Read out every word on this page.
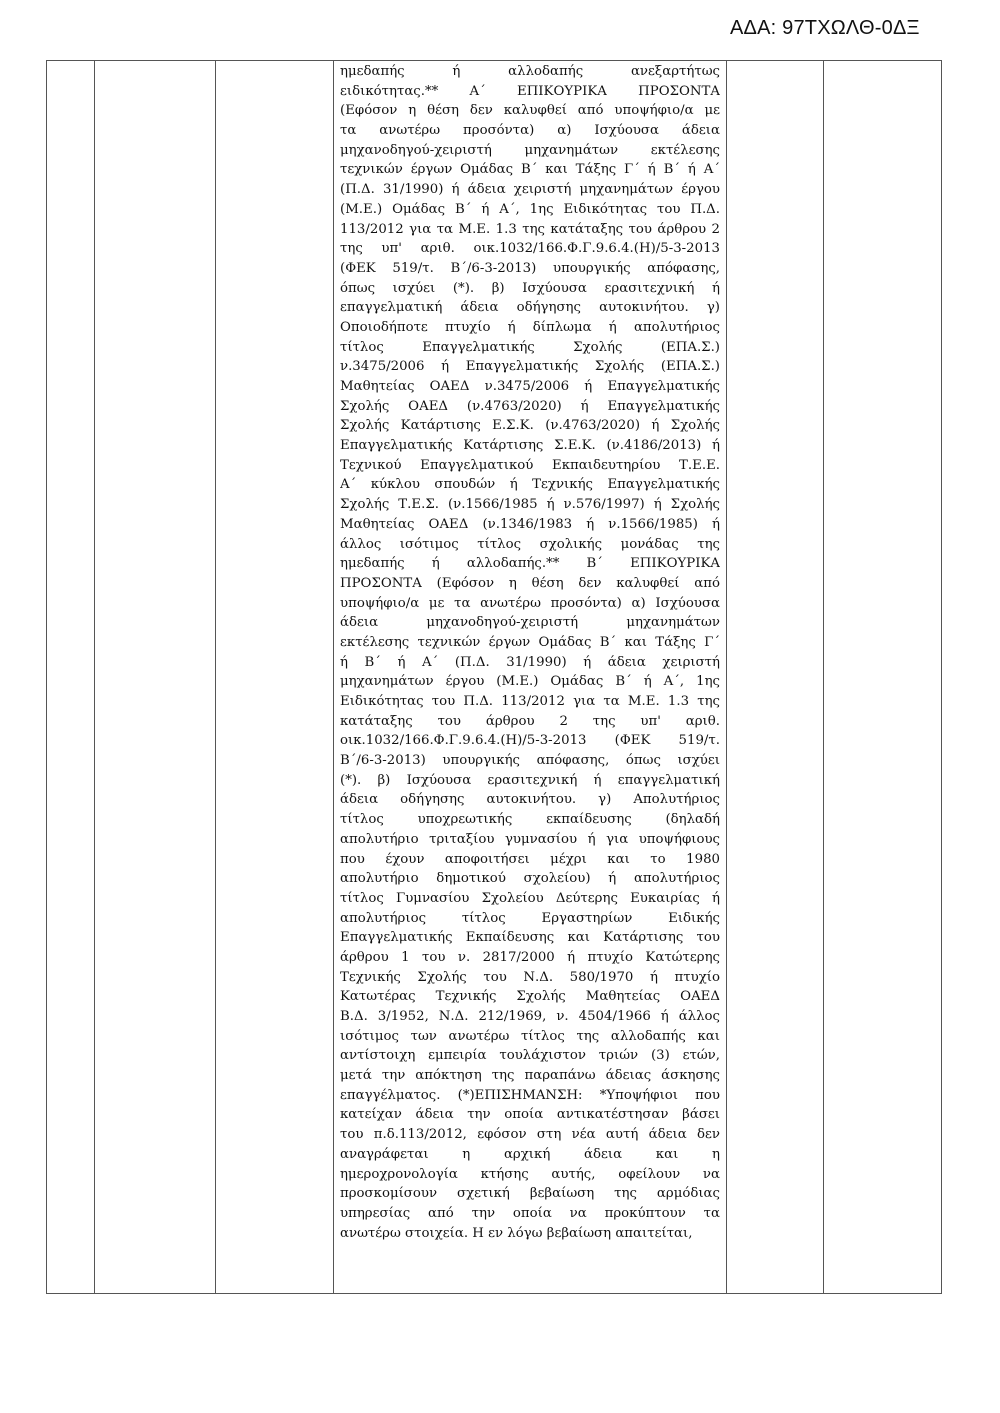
ΑΔΑ: 97ΤΧΩΛΘ-0ΔΞ

ημεδαπής ή αλλοδαπής ανεξαρτήτως
ειδικότητας.** Α΄ ΕΠΙΚΟΥΡΙΚΑ ΠΡΟΣΟΝΤΑ
(Εφόσον η θέση δεν καλυφθεί από υποψήφιο/α με
τα ανωτέρω προσόντα) α) Ισχύουσα άδεια
μηχανοδηγού-χειριστή μηχανημάτων εκτέλεσης
τεχνικών έργων Ομάδας Β΄ και Τάξης Γ΄ ή Β΄ ή Α΄
(Π.Δ. 31/1990) ή άδεια χειριστή μηχανημάτων έργου
(Μ.Ε.) Ομάδας Β΄ ή Α΄, 1ης Ειδικότητας του Π.Δ.
113/2012 για τα Μ.Ε. 1.3 της κατάταξης του άρθρου 2
της υπ' αριθ. οικ.1032/166.Φ.Γ.9.6.4.(Η)/5-3-2013
(ΦΕΚ 519/τ. Β΄/6-3-2013) υπουργικής απόφασης,
όπως ισχύει (*). β) Ισχύουσα ερασιτεχνική ή
επαγγελματική άδεια οδήγησης αυτοκινήτου. γ)
Οποιοδήποτε πτυχίο ή δίπλωμα ή απολυτήριος
τίτλος Επαγγελματικής Σχολής (ΕΠΑ.Σ.)
ν.3475/2006 ή Επαγγελματικής Σχολής (ΕΠΑ.Σ.)
Μαθητείας ΟΑΕΔ ν.3475/2006 ή Επαγγελματικής
Σχολής ΟΑΕΔ (ν.4763/2020) ή Επαγγελματικής
Σχολής Κατάρτισης Ε.Σ.Κ. (ν.4763/2020) ή Σχολής
Επαγγελματικής Κατάρτισης Σ.Ε.Κ. (ν.4186/2013) ή
Τεχνικού Επαγγελματικού Εκπαιδευτηρίου Τ.Ε.Ε.
Α΄ κύκλου σπουδών ή Τεχνικής Επαγγελματικής
Σχολής Τ.Ε.Σ. (ν.1566/1985 ή ν.576/1997) ή Σχολής
Μαθητείας ΟΑΕΔ (ν.1346/1983 ή ν.1566/1985) ή
άλλος ισότιμος τίτλος σχολικής μονάδας της
ημεδαπής ή αλλοδαπής.** Β΄ ΕΠΙΚΟΥΡΙΚΑ
ΠΡΟΣΟΝΤΑ (Εφόσον η θέση δεν καλυφθεί από
υποψήφιο/α με τα ανωτέρω προσόντα) α) Ισχύουσα
άδεια μηχανοδηγού-χειριστή μηχανημάτων
εκτέλεσης τεχνικών έργων Ομάδας Β΄ και Τάξης Γ΄
ή Β΄ ή Α΄ (Π.Δ. 31/1990) ή άδεια χειριστή
μηχανημάτων έργου (Μ.Ε.) Ομάδας Β΄ ή Α΄, 1ης
Ειδικότητας του Π.Δ. 113/2012 για τα Μ.Ε. 1.3 της
κατάταξης του άρθρου 2 της υπ' αριθ.
οικ.1032/166.Φ.Γ.9.6.4.(Η)/5-3-2013 (ΦΕΚ 519/τ.
Β΄/6-3-2013) υπουργικής απόφασης, όπως ισχύει
(*). β) Ισχύουσα ερασιτεχνική ή επαγγελματική
άδεια οδήγησης αυτοκινήτου. γ) Απολυτήριος
τίτλος υποχρεωτικής εκπαίδευσης (δηλαδή
απολυτήριο τριταξίου γυμνασίου ή για υποψήφιους
που έχουν αποφοιτήσει μέχρι και το 1980
απολυτήριο δημοτικού σχολείου) ή απολυτήριος
τίτλος Γυμνασίου Σχολείου Δεύτερης Ευκαιρίας ή
απολυτήριος τίτλος Εργαστηρίων Ειδικής
Επαγγελματικής Εκπαίδευσης και Κατάρτισης του
άρθρου 1 του ν. 2817/2000 ή πτυχίο Κατώτερης
Τεχνικής Σχολής του Ν.Δ. 580/1970 ή πτυχίο
Κατωτέρας Τεχνικής Σχολής Μαθητείας ΟΑΕΔ
Β.Δ. 3/1952, Ν.Δ. 212/1969, ν. 4504/1966 ή άλλος
ισότιμος των ανωτέρω τίτλος της αλλοδαπής και
αντίστοιχη εμπειρία τουλάχιστον τριών (3) ετών,
μετά την απόκτηση της παραπάνω άδειας άσκησης
επαγγέλματος. (*)ΕΠΙΣΗΜΑΝΣΗ: *Υποψήφιοι που
κατείχαν άδεια την οποία αντικατέστησαν βάσει
του π.δ.113/2012, εφόσον στη νέα αυτή άδεια δεν
αναγράφεται η αρχική άδεια και η
ημεροχρονολογία κτήσης αυτής, οφείλουν να
προσκομίσουν σχετική βεβαίωση της αρμόδιας
υπηρεσίας από την οποία να προκύπτουν τα
ανωτέρω στοιχεία. Η εν λόγω βεβαίωση απαιτείται,
